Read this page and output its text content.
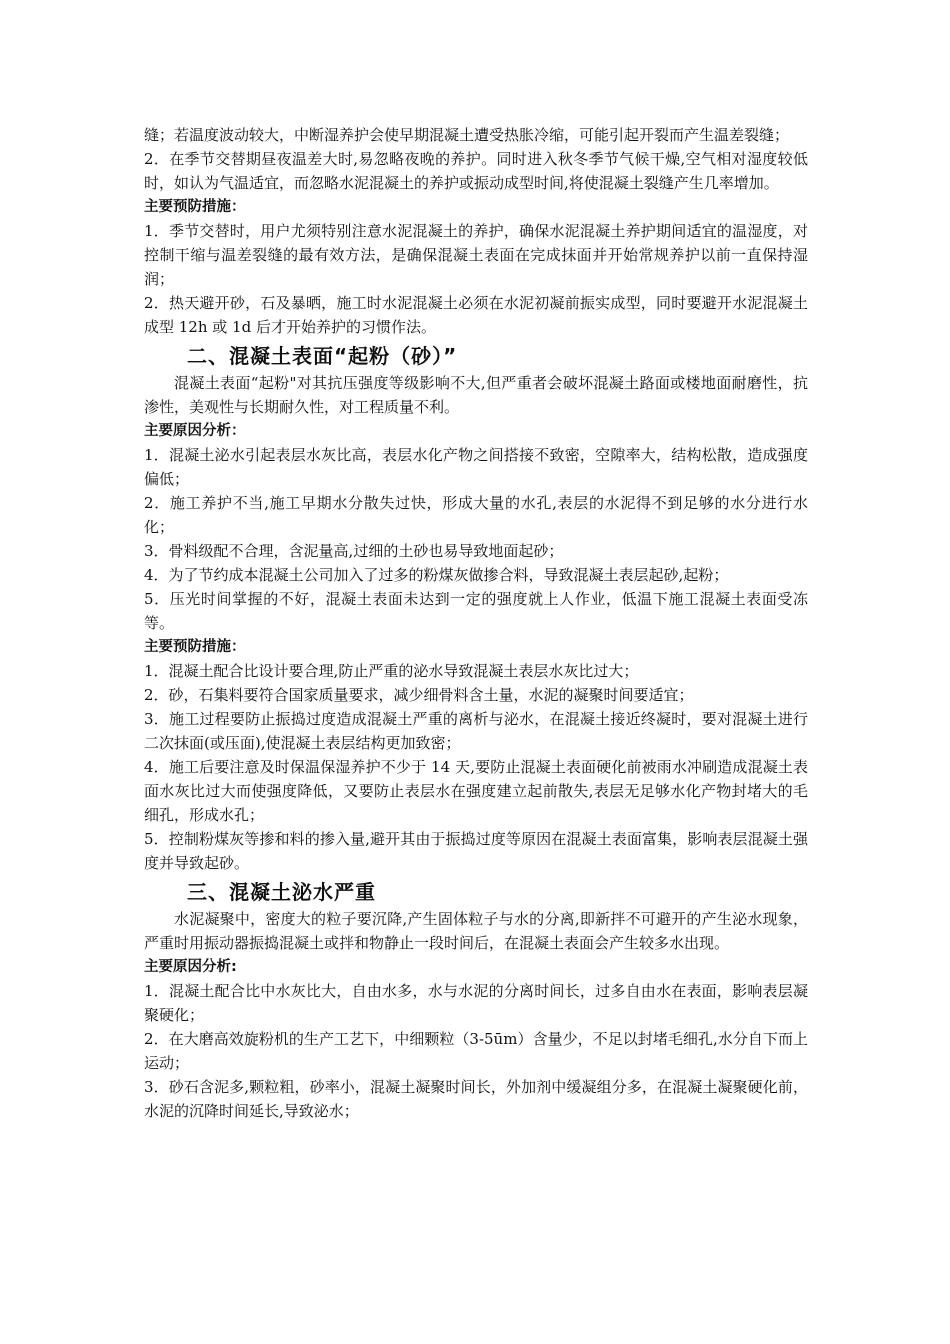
缝；若温度波动较大，中断湿养护会使早期混凝土遭受热胀冷缩，可能引起开裂而产生温差裂缝；

2．在季节交替期昼夜温差大时,易忽略夜晚的养护。同时进入秋冬季节气候干燥,空气相对湿度较低时，如认为气温适宜，而忽略水泥混凝土的养护或振动成型时间,将使混凝土裂缝产生几率增加。

主要预防措施：

1．季节交替时，用户尤须特别注意水泥混凝土的养护，确保水泥混凝土养护期间适宜的温湿度，对控制干缩与温差裂缝的最有效方法，是确保混凝土表面在完成抹面并开始常规养护以前一直保持湿润；

2．热天避开砂，石及暴晒，施工时水泥混凝土必须在水泥初凝前振实成型，同时要避开水泥混凝土成型 12h 或 1d 后才开始养护的习惯作法。

二、混凝土表面“起粉（砂）”

混凝土表面“起粉"对其抗压强度等级影响不大,但严重者会破坏混凝土路面或楼地面耐磨性，抗渗性，美观性与长期耐久性，对工程质量不利。

主要原因分析：

1．混凝土泌水引起表层水灰比高，表层水化产物之间搭接不致密，空隙率大，结构松散，造成强度偏低；

2．施工养护不当,施工早期水分散失过快，形成大量的水孔,表层的水泥得不到足够的水分进行水化；

3．骨料级配不合理，含泥量高,过细的土砂也易导致地面起砂；

4．为了节约成本混凝土公司加入了过多的粉煤灰做掺合料，导致混凝土表层起砂,起粉；

5．压光时间掌握的不好，混凝土表面未达到一定的强度就上人作业，低温下施工混凝土表面受冻等。

主要预防措施：

1．混凝土配合比设计要合理,防止严重的泌水导致混凝土表层水灰比过大；

2．砂，石集料要符合国家质量要求，减少细骨料含土量，水泥的凝聚时间要适宜；

3．施工过程要防止振捣过度造成混凝土严重的离析与泌水，在混凝土接近终凝时，要对混凝土进行二次抹面(或压面),使混凝土表层结构更加致密；

4．施工后要注意及时保温保湿养护不少于 14 天,要防止混凝土表面硬化前被雨水冲刷造成混凝土表面水灰比过大而使强度降低，又要防止表层水在强度建立起前散失,表层无足够水化产物封堵大的毛细孔，形成水孔；

5．控制粉煤灰等掺和料的掺入量,避开其由于振捣过度等原因在混凝土表面富集，影响表层混凝土强度并导致起砂。

三、混凝土泌水严重

水泥凝聚中，密度大的粒子要沉降,产生固体粒子与水的分离,即新拌不可避开的产生泌水现象，严重时用振动器振捣混凝土或拌和物静止一段时间后，在混凝土表面会产生较多水出现。

主要原因分析:

1．混凝土配合比中水灰比大，自由水多，水与水泥的分离时间长，过多自由水在表面，影响表层凝聚硬化；

2．在大磨高效旋粉机的生产工艺下，中细颗粒（3-5ūm）含量少，不足以封堵毛细孔,水分自下而上运动；

3．砂石含泥多,颗粒粗，砂率小，混凝土凝聚时间长，外加剂中缓凝组分多，在混凝土凝聚硬化前，水泥的沉降时间延长,导致泌水；
